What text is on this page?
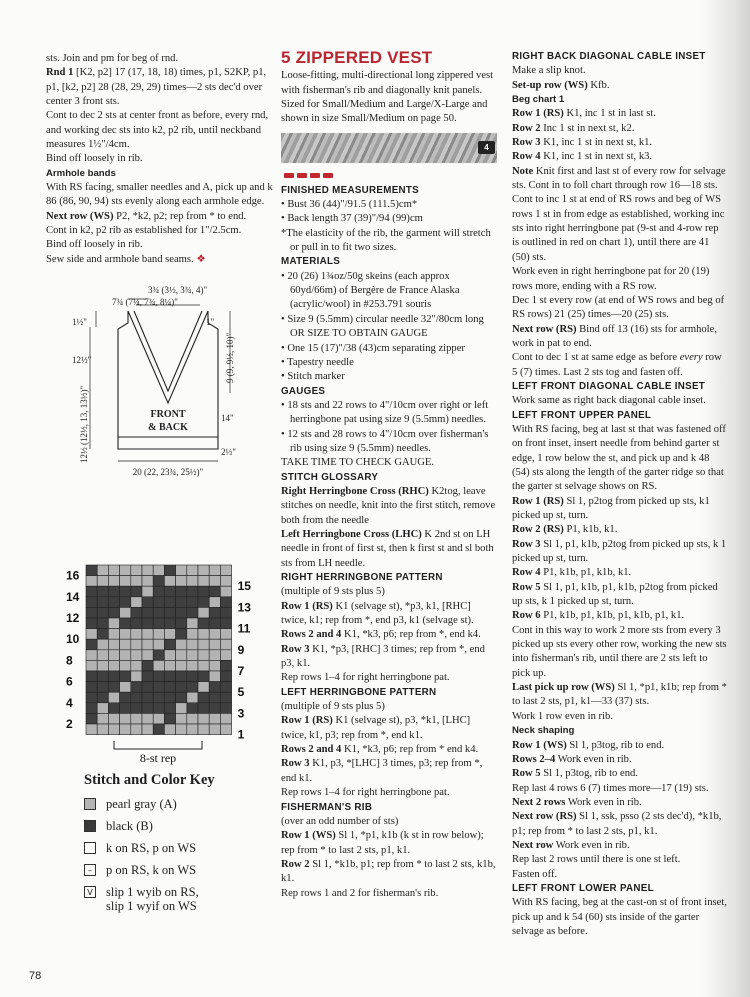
sts. Join and pm for beg of rnd.

Rnd 1 [K2, p2] 17 (17, 18, 18) times, p1, S2KP, p1, p1, [k2, p2] 28 (28, 29, 29) times—2 sts dec'd over center 3 front sts.

Cont to dec 2 sts at center front as before, every rnd, and working dec sts into k2, p2 rib, until neckband measures 1½"/4cm.

Bind off loosely in rib.

Armhole bands

With RS facing, smaller needles and A, pick up and k 86 (86, 90, 94) sts evenly along each armhole edge.

Next row (WS) P2, *k2, p2; rep from * to end.

Cont in k2, p2 rib as established for 1"/2.5cm.

Bind off loosely in rib.

Sew side and armhole band seams. ❖

3¾ (3½, 3¾, 4)"
7¾ (7¼, 7¾, 8¼)"
1½"
12½"
1"
9 (9, 9½, 10)"
FRONT
& BACK
14"
2½"
12½ (12½, 13, 13½)"
20 (22, 23¾, 25½)"
16
14
12
10
8
6
4
2
15
13
11
9
7
5
3
1
8-st rep
Stitch and Color Key
pearl gray (A)
black (B)
k on RS, p on WS
–	p on RS, k on WS
V slip 1 wyib on RS,
slip 1 wyif on WS
5 ZIPPERED VEST

Loose-fitting, multi-directional long zippered vest with fisherman's rib and diagonally knit panels. Sized for Small/Medium and Large/X-Large and shown in size Small/Medium on page 50.

4

FINISHED MEASUREMENTS

• Bust 36 (44)"/91.5 (111.5)cm*
• Back length 37 (39)"/94 (99)cm
*The elasticity of the rib, the garment will stretch or pull in to fit two sizes.

MATERIALS

• 20 (26) 1¾oz/50g skeins (each approx 60yd/66m) of Bergère de France Alaska (acrylic/wool) in #253.791 souris
• Size 9 (5.5mm) circular needle 32"/80cm long OR SIZE TO OBTAIN GAUGE
• One 15 (17)"/38 (43)cm separating zipper
• Tapestry needle
• Stitch marker

GAUGES

• 18 sts and 22 rows to 4"/10cm over right or left herringbone pat using size 9 (5.5mm) needles.
• 12 sts and 28 rows to 4"/10cm over fisherman's rib using size 9 (5.5mm) needles.

TAKE TIME TO CHECK GAUGE.

STITCH GLOSSARY

Right Herringbone Cross (RHC) K2tog, leave stitches on needle, knit into the first stitch, remove both from the needle

Left Herringbone Cross (LHC) K 2nd st on LH needle in front of first st, then k first st and sl both sts from LH needle.

RIGHT HERRINGBONE PATTERN

(multiple of 9 sts plus 5)

Row 1 (RS) K1 (selvage st), *p3, k1, [RHC] twice, k1; rep from *, end p3, k1 (selvage st).

Rows 2 and 4 K1, *k3, p6; rep from *, end k4.

Row 3 K1, *p3, [RHC] 3 times; rep from *, end p3, k1.

Rep rows 1–4 for right herringbone pat.

LEFT HERRINGBONE PATTERN

(multiple of 9 sts plus 5)

Row 1 (RS) K1 (selvage st), p3, *k1, [LHC] twice, k1, p3; rep from *, end k1.

Rows 2 and 4 K1, *k3, p6; rep from * end k4.

Row 3 K1, p3, *[LHC] 3 times, p3; rep from *, end k1.

Rep rows 1–4 for right herringbone pat.

FISHERMAN'S RIB

(over an odd number of sts)

Row 1 (WS) Sl 1, *p1, k1b (k st in row below); rep from * to last 2 sts, p1, k1.

Row 2 Sl 1, *k1b, p1; rep from * to last 2 sts, k1b, k1.

Rep rows 1 and 2 for fisherman's rib.

RIGHT BACK DIAGONAL CABLE INSET

Make a slip knot.

Set-up row (WS) Kfb.

Beg chart 1

Row 1 (RS) K1, inc 1 st in last st.

Row 2 Inc 1 st in next st, k2.

Row 3 K1, inc 1 st in next st, k1.

Row 4 K1, inc 1 st in next st, k3.

Note Knit first and last st of every row for selvage sts. Cont in to foll chart through row 16—18 sts. Cont to inc 1 st at end of RS rows and beg of WS rows 1 st in from edge as established, working inc sts into right herringbone pat (9-st and 4-row rep is outlined in red on chart 1), until there are 41 (50) sts.

Work even in right herringbone pat for 20 (19) rows more, ending with a RS row.

Dec 1 st every row (at end of WS rows and beg of RS rows) 21 (25) times—20 (25) sts.

Next row (RS) Bind off 13 (16) sts for armhole, work in pat to end.

Cont to dec 1 st at same edge as before every row 5 (7) times. Last 2 sts tog and fasten off.

LEFT FRONT DIAGONAL CABLE INSET

Work same as right back diagonal cable inset.

LEFT FRONT UPPER PANEL

With RS facing, beg at last st that was fastened off on front inset, insert needle from behind garter st edge, 1 row below the st, and pick up and k 48 (54) sts along the length of the garter ridge so that the garter st selvage shows on RS.

Row 1 (RS) Sl 1, p2tog from picked up sts, k1 picked up st, turn.

Row 2 (RS) P1, k1b, k1.

Row 3 Sl 1, p1, k1b, p2tog from picked up sts, k 1 picked up st, turn.

Row 4 P1, k1b, p1, k1b, k1.

Row 5 Sl 1, p1, k1b, p1, k1b, p2tog from picked up sts, k 1 picked up st, turn.

Row 6 P1, k1b, p1, k1b, p1, k1b, p1, k1.

Cont in this way to work 2 more sts from every 3 picked up sts every other row, working the new sts into fisherman's rib, until there are 2 sts left to pick up.

Last pick up row (WS) Sl 1, *p1, k1b; rep from * to last 2 sts, p1, k1—33 (37) sts.

Work 1 row even in rib.

Neck shaping

Row 1 (WS) Sl 1, p3tog, rib to end.

Rows 2–4 Work even in rib.

Row 5 Sl 1, p3tog, rib to end.

Rep last 4 rows 6 (7) times more—17 (19) sts.

Next 2 rows Work even in rib.

Next row (RS) Sl 1, ssk, psso (2 sts dec'd), *k1b, p1; rep from * to last 2 sts, p1, k1.

Next row Work even in rib.

Rep last 2 rows until there is one st left.

Fasten off.

LEFT FRONT LOWER PANEL

With RS facing, beg at the cast-on st of front inset, pick up and k 54 (60) sts inside of the garter selvage as before.

78
